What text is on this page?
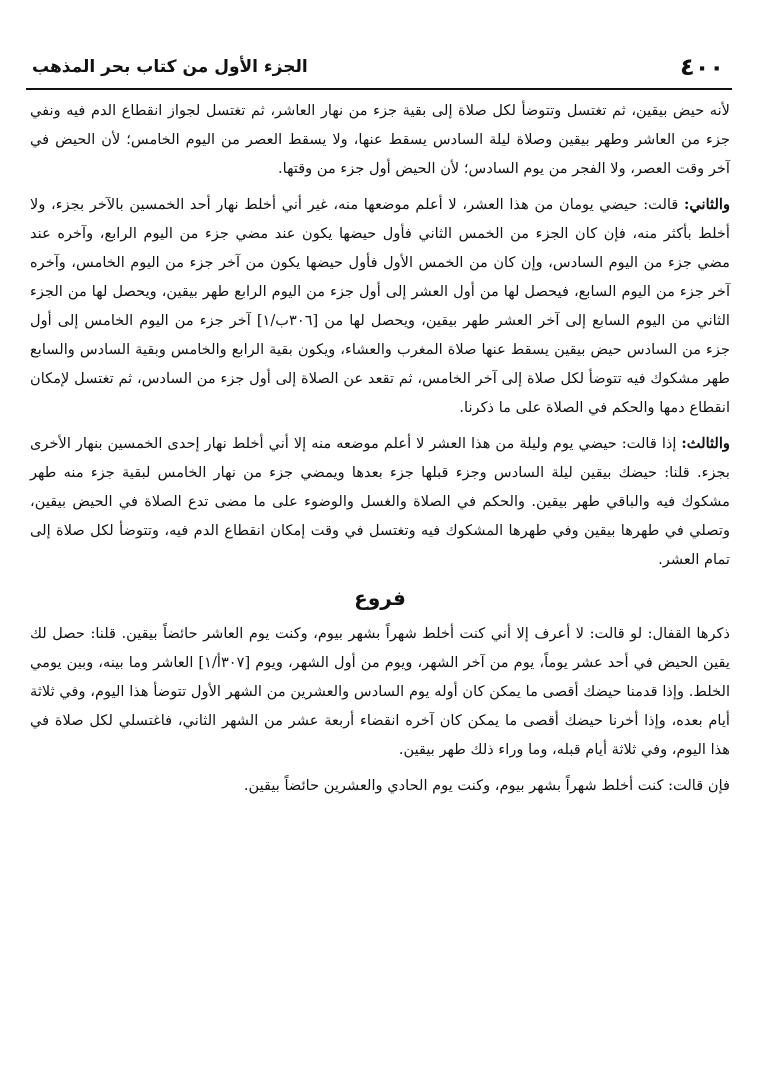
٤٠٠
الجزء الأول من كتاب بحر المذهب

لأنه حيض بيقين، ثم تغتسل وتتوضأ لكل صلاة إلى بقية جزء من نهار العاشر، ثم تغتسل لجواز انقطاع الدم فيه ونفي جزء من العاشر وطهر بيقين وصلاة ليلة السادس يسقط عنها، ولا يسقط العصر من اليوم الخامس؛ لأن الحيض في آخر وقت العصر، ولا الفجر من يوم السادس؛ لأن الحيض أول جزء من وقتها.

والثاني: قالت: حيضي يومان من هذا العشر، لا أعلم موضعها منه، غير أني أخلط نهار أحد الخمسين بالآخر بجزء، ولا أخلط بأكثر منه، فإن كان الجزء من الخمس الثاني فأول حيضها يكون عند مضي جزء من اليوم الرابع، وآخره عند مضي جزء من اليوم السادس، وإن كان من الخمس الأول فأول حيضها يكون من آخر جزء من اليوم الخامس، وآخره آخر جزء من اليوم السابع، فيحصل لها من أول العشر إلى أول جزء من اليوم الرابع طهر بيقين، ويحصل لها من الجزء الثاني من اليوم السابع إلى آخر العشر طهر بيقين، ويحصل لها من [٣٠٦ب/١] آخر جزء من اليوم الخامس إلى أول جزء من السادس حيض بيقين يسقط عنها صلاة المغرب والعشاء، ويكون بقية الرابع والخامس وبقية السادس والسابع طهر مشكوك فيه تتوضأ لكل صلاة إلى آخر الخامس، ثم تقعد عن الصلاة إلى أول جزء من السادس، ثم تغتسل لإمكان انقطاع دمها والحكم في الصلاة على ما ذكرنا.

والثالث: إذا قالت: حيضي يوم وليلة من هذا العشر لا أعلم موضعه منه إلا أني أخلط نهار إحدى الخمسين بنهار الأخرى بجزء. قلنا: حيضك بيقين ليلة السادس وجزء قبلها جزء بعدها ويمضي جزء من نهار الخامس لبقية جزء منه طهر مشكوك فيه والباقي طهر بيقين. والحكم في الصلاة والغسل والوضوء على ما مضى تدع الصلاة في الحيض بيقين، وتصلي في طهرها بيقين وفي طهرها المشكوك فيه وتغتسل في وقت إمكان انقطاع الدم فيه، وتتوضأ لكل صلاة إلى تمام العشر.

فروع

ذكرها القفال: لو قالت: لا أعرف إلا أني كنت أخلط شهراً بشهر بيوم، وكنت يوم العاشر حائضاً بيقين. قلنا: حصل لك يقين الحيض في أحد عشر يوماً، يوم من آخر الشهر، ويوم من أول الشهر، ويوم [٣٠٧أ/١] العاشر وما بينه، وبين يومي الخلط. وإذا قدمنا حيضك أقصى ما يمكن كان أوله يوم السادس والعشرين من الشهر الأول تتوضأ هذا اليوم، وفي ثلاثة أيام بعده، وإذا أخرنا حيضك أقصى ما يمكن كان آخره انقضاء أربعة عشر من الشهر الثاني، فاغتسلي لكل صلاة في هذا اليوم، وفي ثلاثة أيام قبله، وما وراء ذلك طهر بيقين.

فإن قالت: كنت أخلط شهراً بشهر بيوم، وكنت يوم الحادي والعشرين حائضاً بيقين.
